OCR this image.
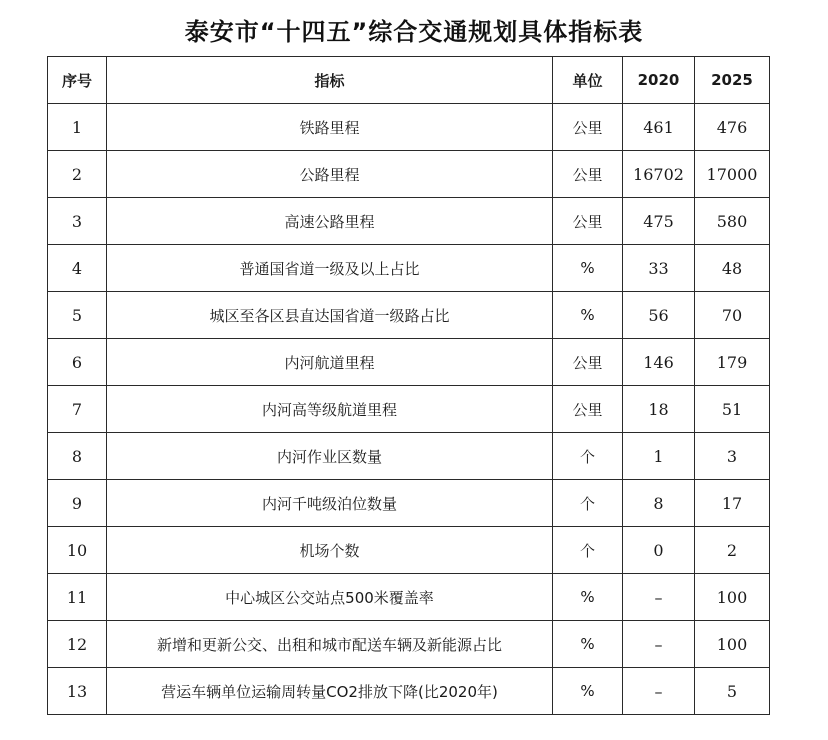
泰安市“十四五”综合交通规划具体指标表
序号	指标	单位	2020	2025
1	铁路里程	公里	461	476
2	公路里程	公里	16702	17000
3	高速公路里程	公里	475	580
4	普通国省道一级及以上占比	%	33	48
5	城区至各区县直达国省道一级路占比	%	56	70
6	内河航道里程	公里	146	179
7	内河高等级航道里程	公里	18	51
8	内河作业区数量	个	1	3
9	内河千吨级泊位数量	个	8	17
10	机场个数	个	0	2
11	中心城区公交站点500米覆盖率	%	–	100
12	新增和更新公交、出租和城市配送车辆及新能源占比	%	–	100
13	营运车辆单位运输周转量CO2排放下降(比2020年)	%	–	5
